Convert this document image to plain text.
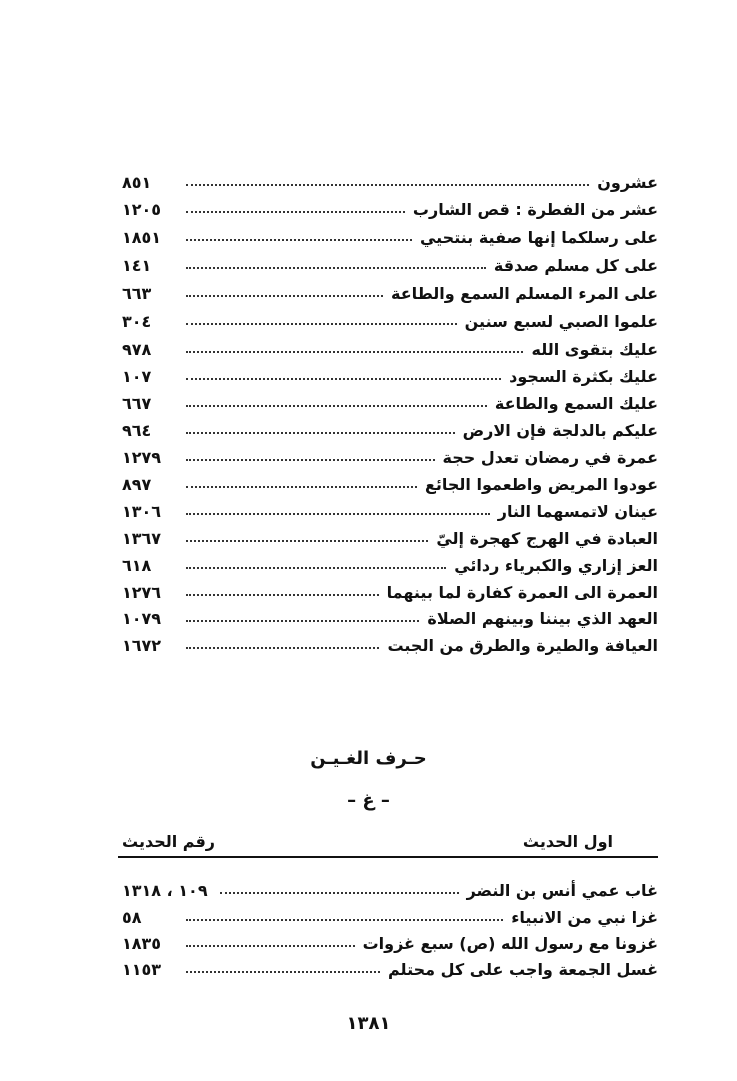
عشرون
٨٥١
عشر من الفطرة : قص الشارب
١٢٠٥
على رسلكما إنها صفية بنتحيي
١٨٥١
على كل مسلم صدقة
١٤١
على المرء المسلم السمع والطاعة
٦٦٣
علموا الصبي لسبع سنين
٣٠٤
عليك بتقوى الله
٩٧٨
عليك بكثرة السجود
١٠٧
عليك السمع والطاعة
٦٦٧
عليكم بالدلجة فإن الارض
٩٦٤
عمرة في رمضان تعدل حجة
١٢٧٩
عودوا المريض واطعموا الجائع
٨٩٧
عينان لاتمسهما النار
١٣٠٦
العبادة في الهرج كهجرة إليّ
١٣٦٧
العز إزاري والكبرياء ردائي
٦١٨
العمرة الى العمرة كفارة لما بينهما
١٢٧٦
العهد الذي بيننا وبينهم الصلاة
١٠٧٩
العيافة والطيرة والطرق من الجبت
١٦٧٢
حـرف الغـيـن
– غ –
اول الحديث
رقم الحديث
غاب عمي أنس بن النضر
١٠٩ ، ١٣١٨
غزا نبي من الانبياء
٥٨
غزونا مع رسول الله (ص) سبع غزوات
١٨٣٥
غسل الجمعة واجب على كل محتلم
١١٥٣
١٣٨١
